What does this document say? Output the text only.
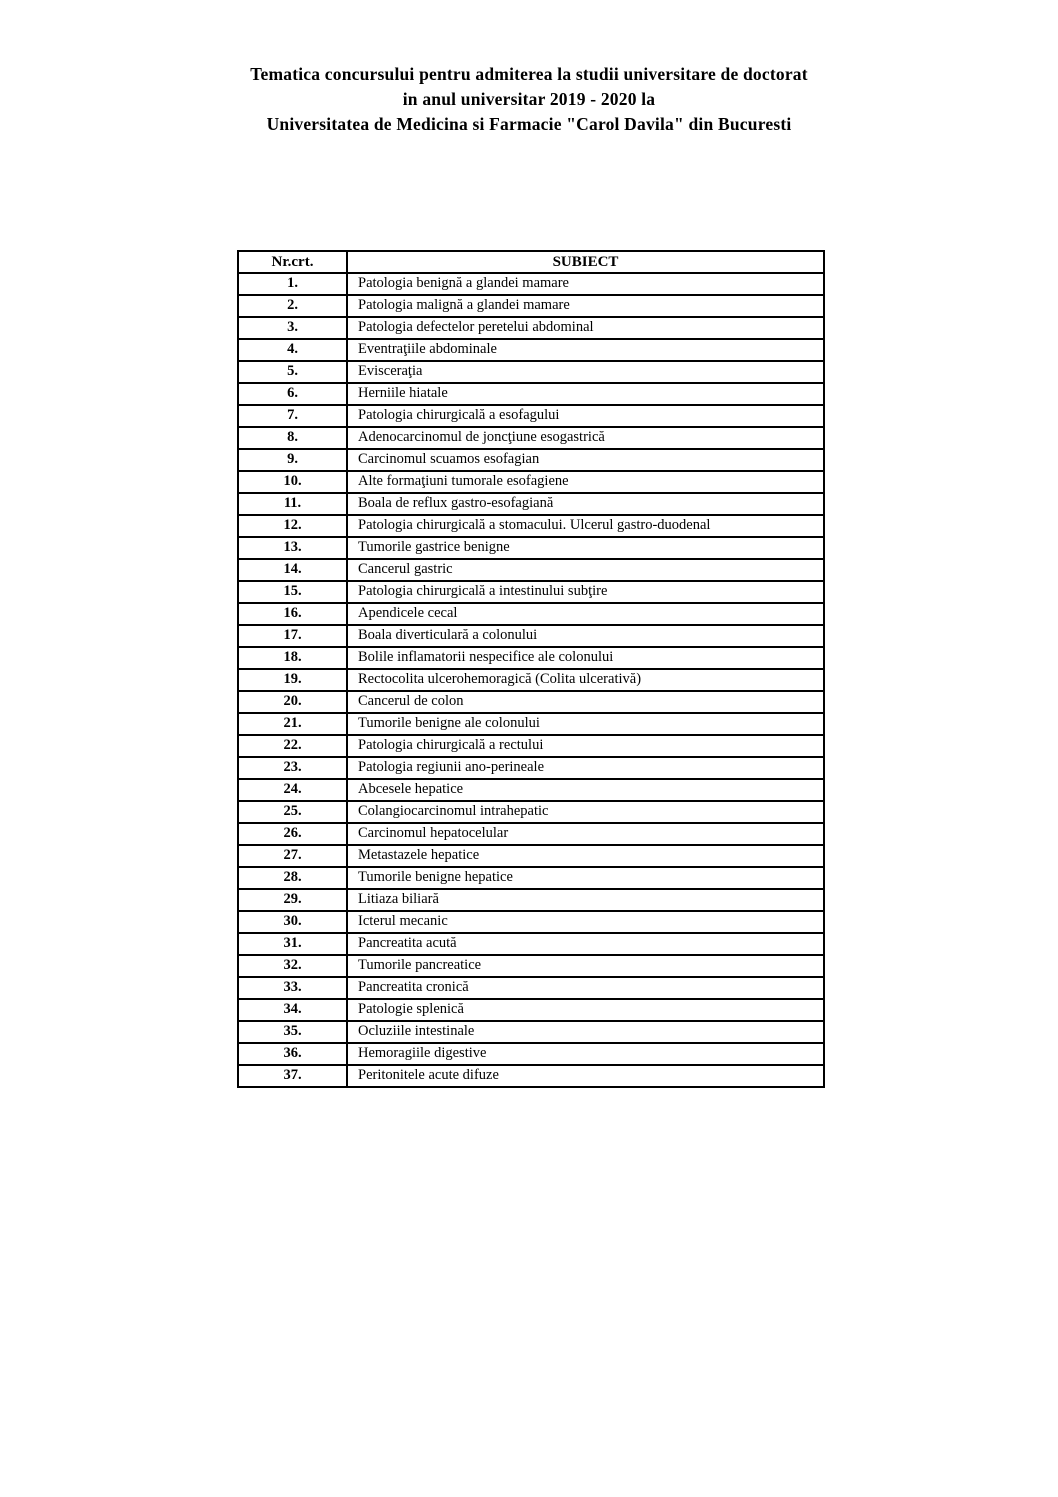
Tematica concursului pentru admiterea la studii universitare de doctorat
in anul universitar 2019 - 2020 la
Universitatea de Medicina si Farmacie "Carol Davila" din Bucuresti
Nr.crt.	SUBIECT
1.	Patologia benignă a glandei mamare
2.	Patologia malignă a glandei mamare
3.	Patologia defectelor peretelui abdominal
4.	Eventraţiile abdominale
5.	Evisceraţia
6.	Herniile hiatale
7.	Patologia chirurgicală a esofagului
8.	Adenocarcinomul de joncţiune esogastrică
9.	Carcinomul scuamos esofagian
10.	Alte formaţiuni tumorale esofagiene
11.	Boala de reflux gastro-esofagiană
12.	Patologia chirurgicală a stomacului. Ulcerul gastro-duodenal
13.	Tumorile gastrice benigne
14.	Cancerul gastric
15.	Patologia chirurgicală a intestinului subţire
16.	Apendicele cecal
17.	Boala diverticulară a colonului
18.	Bolile inflamatorii nespecifice ale colonului
19.	Rectocolita ulcerohemoragică (Colita ulcerativă)
20.	Cancerul de colon
21.	Tumorile benigne ale colonului
22.	Patologia chirurgicală a rectului
23.	Patologia regiunii ano-perineale
24.	Abcesele hepatice
25.	Colangiocarcinomul intrahepatic
26.	Carcinomul hepatocelular
27.	Metastazele hepatice
28.	Tumorile benigne hepatice
29.	Litiaza biliară
30.	Icterul mecanic
31.	Pancreatita acută
32.	Tumorile pancreatice
33.	Pancreatita cronică
34.	Patologie splenică
35.	Ocluziile intestinale
36.	Hemoragiile digestive
37.	Peritonitele acute difuze
